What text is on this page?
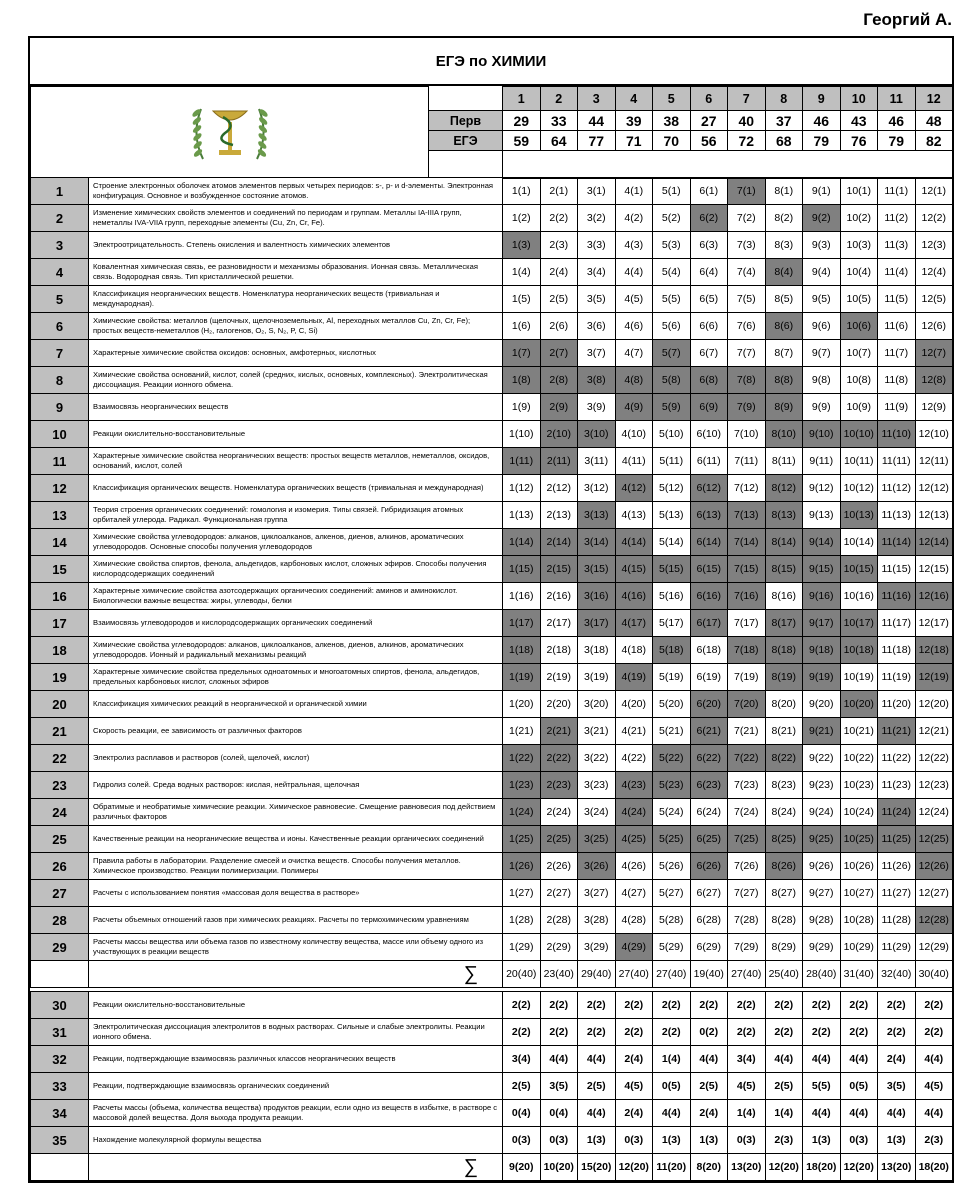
Георгий А.
ЕГЭ по ХИМИИ
		1	2	3	4	5	6	7	8	9	10	11	12
		Перв	29	33	44	39	38	27	40	37	46	43	46	48
		ЕГЭ	59	64	77	71	70	56	72	68	79	76	79	82

1	Строение электронных оболочек атомов элементов первых четырех периодов: s-, p- и d-элементы. Электронная конфигурация. Основное и возбужденное состояние атомов.		1(1)	2(1)	3(1)	4(1)	5(1)	6(1)	7(1)	8(1)	9(1)	10(1)	11(1)	12(1)
2	Изменение химических свойств элементов и соединений по периодам и группам. Металлы IA-IIIA групп, неметаллы IVA-VIIA групп, переходные элементы (Cu, Zn, Cr, Fe).		1(2)	2(2)	3(2)	4(2)	5(2)	6(2)	7(2)	8(2)	9(2)	10(2)	11(2)	12(2)
3	Электроотрицательность. Степень окисления и валентность химических элементов		1(3)	2(3)	3(3)	4(3)	5(3)	6(3)	7(3)	8(3)	9(3)	10(3)	11(3)	12(3)
4	Ковалентная химическая связь, ее разновидности и механизмы образования. Ионная связь. Металлическая связь. Водородная связь. Тип кристаллической решетки.		1(4)	2(4)	3(4)	4(4)	5(4)	6(4)	7(4)	8(4)	9(4)	10(4)	11(4)	12(4)
5	Классификация неорганических веществ. Номенклатура неорганических веществ (тривиальная и международная).		1(5)	2(5)	3(5)	4(5)	5(5)	6(5)	7(5)	8(5)	9(5)	10(5)	11(5)	12(5)
6	Химические свойства: металлов (щелочных, щелочноземельных, Al, переходных металлов Cu, Zn, Cr, Fe); простых веществ-неметаллов (H₂, галогенов, O₂, S, N₂, P, C, Si)		1(6)	2(6)	3(6)	4(6)	5(6)	6(6)	7(6)	8(6)	9(6)	10(6)	11(6)	12(6)
7	Характерные химические свойства оксидов: основных, амфотерных, кислотных		1(7)	2(7)	3(7)	4(7)	5(7)	6(7)	7(7)	8(7)	9(7)	10(7)	11(7)	12(7)
8	Химические свойства оснований, кислот, солей (средних, кислых, основных, комплексных). Электролитическая диссоциация. Реакции ионного обмена.		1(8)	2(8)	3(8)	4(8)	5(8)	6(8)	7(8)	8(8)	9(8)	10(8)	11(8)	12(8)
9	Взаимосвязь неорганических веществ		1(9)	2(9)	3(9)	4(9)	5(9)	6(9)	7(9)	8(9)	9(9)	10(9)	11(9)	12(9)
10	Реакции окислительно-восстановительные		1(10)	2(10)	3(10)	4(10)	5(10)	6(10)	7(10)	8(10)	9(10)	10(10)	11(10)	12(10)
11	Характерные химические свойства неорганических веществ: простых веществ металлов, неметаллов, оксидов, оснований, кислот, солей		1(11)	2(11)	3(11)	4(11)	5(11)	6(11)	7(11)	8(11)	9(11)	10(11)	11(11)	12(11)
12	Классификация органических веществ. Номенклатура органических веществ (тривиальная и международная)		1(12)	2(12)	3(12)	4(12)	5(12)	6(12)	7(12)	8(12)	9(12)	10(12)	11(12)	12(12)
13	Теория строения органических соединений: гомология и изомерия. Типы связей. Гибридизация атомных орбиталей углерода. Радикал. Функциональная группа		1(13)	2(13)	3(13)	4(13)	5(13)	6(13)	7(13)	8(13)	9(13)	10(13)	11(13)	12(13)
14	Химические свойства углеводородов: алканов, циклоалканов, алкенов, диенов, алкинов, ароматических углеводородов. Основные способы получения углеводородов		1(14)	2(14)	3(14)	4(14)	5(14)	6(14)	7(14)	8(14)	9(14)	10(14)	11(14)	12(14)
15	Химические свойства спиртов, фенола, альдегидов, карбоновых кислот, сложных эфиров. Способы получения кислородсодержащих соединений		1(15)	2(15)	3(15)	4(15)	5(15)	6(15)	7(15)	8(15)	9(15)	10(15)	11(15)	12(15)
16	Характерные химические свойства азотсодержащих органических соединений: аминов и аминокислот. Биологически важные вещества: жиры, углеводы, белки		1(16)	2(16)	3(16)	4(16)	5(16)	6(16)	7(16)	8(16)	9(16)	10(16)	11(16)	12(16)
17	Взаимосвязь углеводородов и кислородсодержащих органических соединений		1(17)	2(17)	3(17)	4(17)	5(17)	6(17)	7(17)	8(17)	9(17)	10(17)	11(17)	12(17)
18	Химические свойства углеводородов: алканов, циклоалканов, алкенов, диенов, алкинов, ароматических углеводородов. Ионный и радикальный механизмы реакций		1(18)	2(18)	3(18)	4(18)	5(18)	6(18)	7(18)	8(18)	9(18)	10(18)	11(18)	12(18)
19	Характерные химические свойства предельных одноатомных и многоатомных спиртов, фенола, альдегидов, предельных карбоновых кислот, сложных эфиров		1(19)	2(19)	3(19)	4(19)	5(19)	6(19)	7(19)	8(19)	9(19)	10(19)	11(19)	12(19)
20	Классификация химических реакций в неорганической и органической химии		1(20)	2(20)	3(20)	4(20)	5(20)	6(20)	7(20)	8(20)	9(20)	10(20)	11(20)	12(20)
21	Скорость реакции, ее зависимость от различных факторов		1(21)	2(21)	3(21)	4(21)	5(21)	6(21)	7(21)	8(21)	9(21)	10(21)	11(21)	12(21)
22	Электролиз расплавов и растворов (солей, щелочей, кислот)		1(22)	2(22)	3(22)	4(22)	5(22)	6(22)	7(22)	8(22)	9(22)	10(22)	11(22)	12(22)
23	Гидролиз солей. Среда водных растворов: кислая, нейтральная, щелочная		1(23)	2(23)	3(23)	4(23)	5(23)	6(23)	7(23)	8(23)	9(23)	10(23)	11(23)	12(23)
24	Обратимые и необратимые химические реакции. Химическое равновесие. Смещение равновесия под действием различных факторов		1(24)	2(24)	3(24)	4(24)	5(24)	6(24)	7(24)	8(24)	9(24)	10(24)	11(24)	12(24)
25	Качественные реакции на неорганические вещества и ионы. Качественные реакции органических соединений		1(25)	2(25)	3(25)	4(25)	5(25)	6(25)	7(25)	8(25)	9(25)	10(25)	11(25)	12(25)
26	Правила работы в лаборатории. Разделение смесей и очистка веществ. Способы получения металлов. Химическое производство. Реакции полимеризации. Полимеры		1(26)	2(26)	3(26)	4(26)	5(26)	6(26)	7(26)	8(26)	9(26)	10(26)	11(26)	12(26)
27	Расчеты с использованием понятия «массовая доля вещества в растворе»		1(27)	2(27)	3(27)	4(27)	5(27)	6(27)	7(27)	8(27)	9(27)	10(27)	11(27)	12(27)
28	Расчеты объемных отношений газов при химических реакциях. Расчеты по термохимическим уравнениям		1(28)	2(28)	3(28)	4(28)	5(28)	6(28)	7(28)	8(28)	9(28)	10(28)	11(28)	12(28)
29	Расчеты массы вещества или объема газов по известному количеству вещества, массе или объему одного из участвующих в реакции веществ		1(29)	2(29)	3(29)	4(29)	5(29)	6(29)	7(29)	8(29)	9(29)	10(29)	11(29)	12(29)
	∑		20(40)	23(40)	29(40)	27(40)	27(40)	19(40)	27(40)	25(40)	28(40)	31(40)	32(40)	30(40)

30	Реакции окислительно-восстановительные		2(2)	2(2)	2(2)	2(2)	2(2)	2(2)	2(2)	2(2)	2(2)	2(2)	2(2)	2(2)
31	Электролитическая диссоциация электролитов в водных растворах. Сильные и слабые электролиты. Реакции ионного обмена.		2(2)	2(2)	2(2)	2(2)	2(2)	0(2)	2(2)	2(2)	2(2)	2(2)	2(2)	2(2)
32	Реакции, подтверждающие взаимосвязь различных классов неорганических веществ		3(4)	4(4)	4(4)	2(4)	1(4)	4(4)	3(4)	4(4)	4(4)	4(4)	2(4)	4(4)
33	Реакции, подтверждающие взаимосвязь органических соединений		2(5)	3(5)	2(5)	4(5)	0(5)	2(5)	4(5)	2(5)	5(5)	0(5)	3(5)	4(5)
34	Расчеты массы (объема, количества вещества) продуктов реакции, если одно из веществ в избытке, в растворе с массовой долей вещества. Доля выхода продукта реакции.		0(4)	0(4)	4(4)	2(4)	4(4)	2(4)	1(4)	1(4)	4(4)	4(4)	4(4)	4(4)
35	Нахождение молекулярной формулы вещества		0(3)	0(3)	1(3)	0(3)	1(3)	1(3)	0(3)	2(3)	1(3)	0(3)	1(3)	2(3)
	∑		9(20)	10(20)	15(20)	12(20)	11(20)	8(20)	13(20)	12(20)	18(20)	12(20)	13(20)	18(20)
